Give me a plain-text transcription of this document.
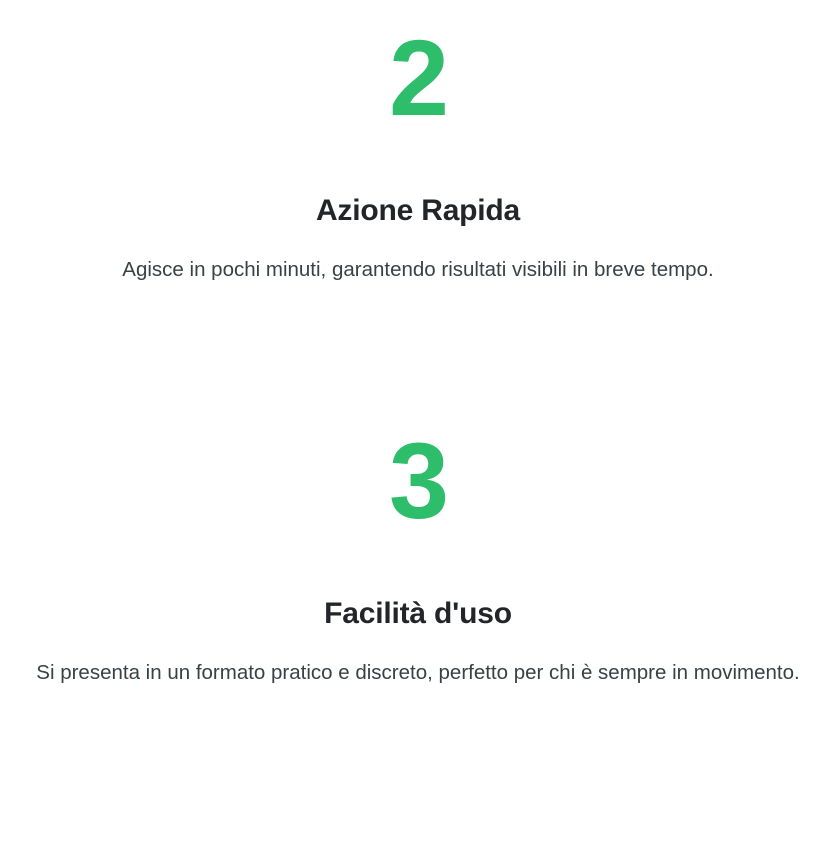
2
Azione Rapida

Agisce in pochi minuti, garantendo risultati visibili in breve tempo.

3
Facilità d'uso

Si presenta in un formato pratico e discreto, perfetto per chi è sempre in movimento.
